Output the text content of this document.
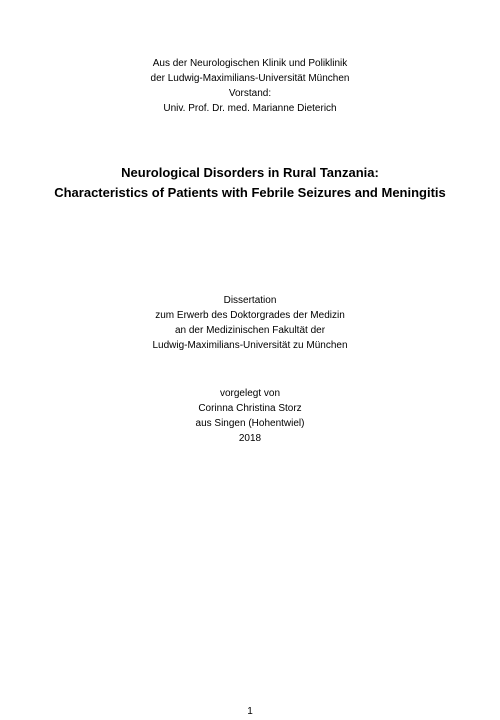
Aus der Neurologischen Klinik und Poliklinik
der Ludwig-Maximilians-Universität München
Vorstand:
Univ. Prof. Dr. med. Marianne Dieterich
Neurological Disorders in Rural Tanzania:
Characteristics of Patients with Febrile Seizures and Meningitis
Dissertation
zum Erwerb des Doktorgrades der Medizin
an der Medizinischen Fakultät der
Ludwig-Maximilians-Universität zu München
vorgelegt von
Corinna Christina Storz
aus Singen (Hohentwiel)
2018
1
